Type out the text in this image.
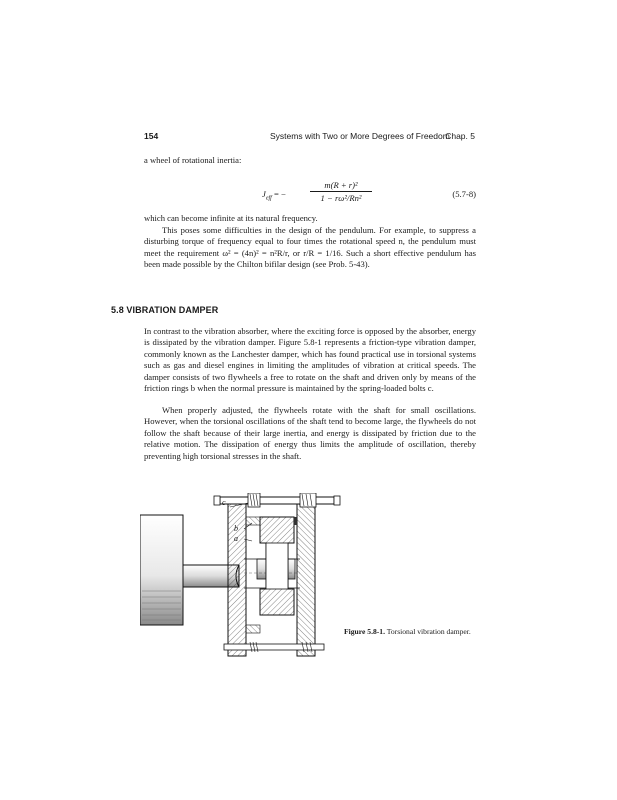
154	Systems with Two or More Degrees of Freedom
Chap. 5

a wheel of rotational inertia:

$J_{eff}$ = −	$\frac{\text{m(R + r)²}}{\text{1 − rω²/Rn²}}$	(5.7-8)

which can become infinite at its natural frequency.

This poses some difficulties in the design of the pendulum. For example, to suppress a disturbing torque of frequency equal to four times the rotational speed n, the pendulum must meet the requirement ω² = (4n)² = n²R/r, or r/R = 1/16. Such a short effective pendulum has been made possible by the Chilton bifilar design (see Prob. 5-43).

5.8 VIBRATION DAMPER

In contrast to the vibration absorber, where the exciting force is opposed by the absorber, energy is dissipated by the vibration damper. Figure 5.8-1 represents a friction-type vibration damper, commonly known as the Lanchester damper, which has found practical use in torsional systems such as gas and diesel engines in limiting the amplitudes of vibration at critical speeds. The damper consists of two flywheels a free to rotate on the shaft and driven only by means of the friction rings b when the normal pressure is maintained by the spring-loaded bolts c.

When properly adjusted, the flywheels rotate with the shaft for small oscillations. However, when the torsional oscillations of the shaft tend to become large, the flywheels do not follow the shaft because of their large inertia, and energy is dissipated by friction due to the relative motion. The dissipation of energy thus limits the amplitude of oscillation, thereby preventing high torsional stresses in the shaft.

c
b
a
Figure 5.8-1. Torsional vibration damper.
